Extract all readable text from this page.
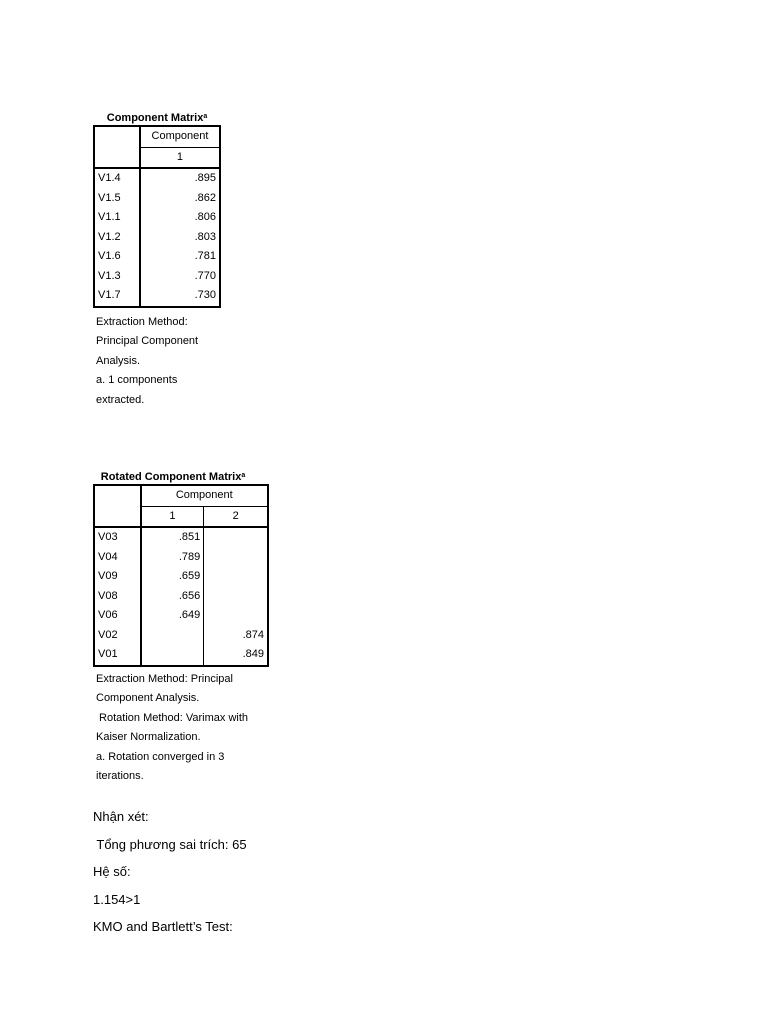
Component Matrix$^a$
	Component
	1
V1.4	.895
V1.5	.862
V1.1	.806
V1.2	.803
V1.6	.781
V1.3	.770
V1.7	.730
Extraction Method:
Principal Component
Analysis.
a. 1 components
extracted.
Rotated Component Matrix$^a$
	Component	
	1	2
V03	.851	
V04	.789	
V09	.659	
V08	.656	
V06	.649	
V02		.874
V01		.849
Extraction Method: Principal
Component Analysis.
Rotation Method: Varimax with
Kaiser Normalization.
a. Rotation converged in 3
iterations.
Nhận xét:
Tổng phương sai trích: 65
Hệ số:
1.154>1
KMO and Bartlett’s Test:
